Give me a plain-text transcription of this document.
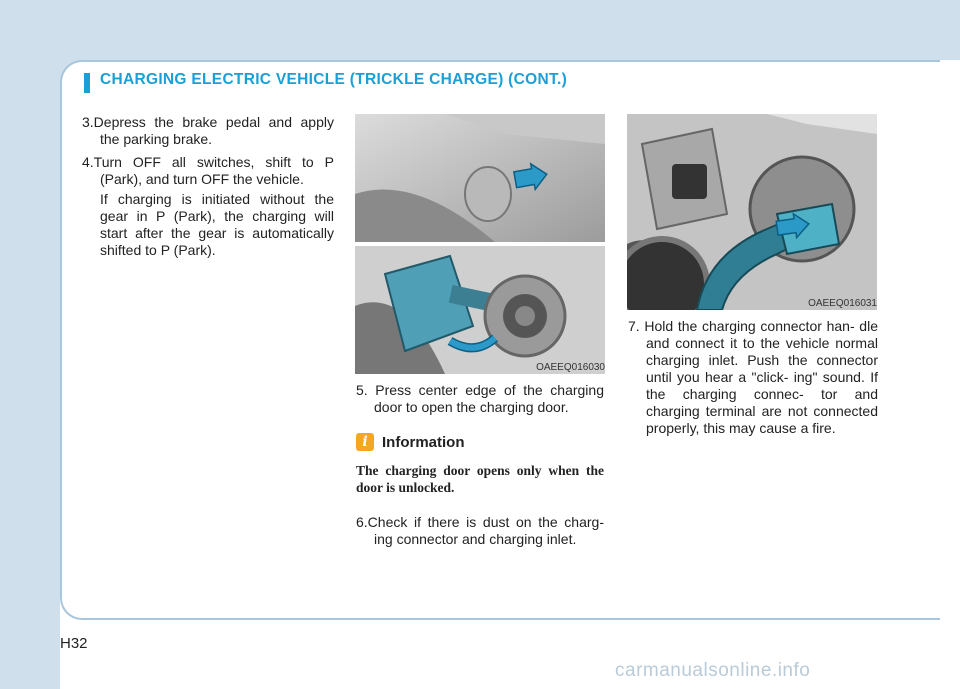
CHARGING ELECTRIC VEHICLE (TRICKLE CHARGE) (CONT.)

3.Depress the brake pedal and apply the parking brake.

4.Turn OFF all switches, shift to P (Park), and turn OFF the vehicle.

If charging is initiated without the gear in P (Park), the charging will start after the gear is automatically shifted to P (Park).

OAEEQ016030

5. Press center edge of the charging door to open the charging door.

i Information
The charging door opens only when the door is unlocked.

6.Check if there is dust on the charg- ing connector and charging inlet.

OAEEQ016031

7. Hold the charging connector han- dle and connect it to the vehicle normal charging inlet. Push the connector until you hear a "click- ing" sound. If the charging connec- tor and charging terminal are not connected properly, this may cause a fire.

H32
carmanualsonline.info
